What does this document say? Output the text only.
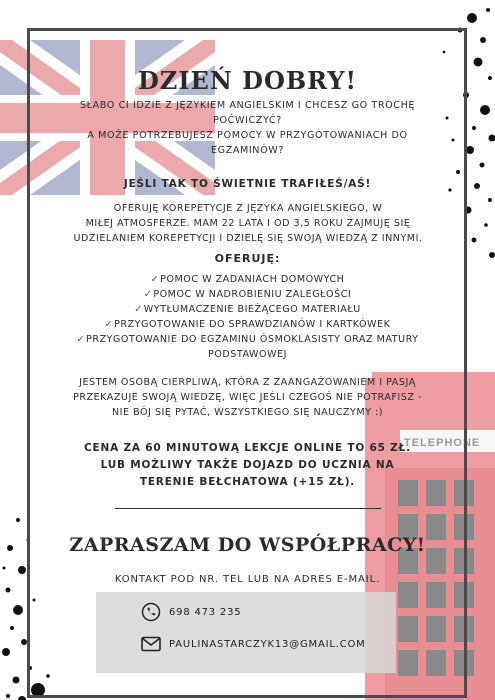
TELEPHONE
DZIEŃ DOBRY!
SŁABO CI IDZIE Z JĘZYKIEM ANGIELSKIM I CHCESZ GO TROCHĘ
POĆWICZYĆ?
A MOŻE POTRZEBUJESZ POMOCY W PRZYGOTOWANIACH DO
EGZAMINÓW?
JEŚLI TAK TO ŚWIETNIE TRAFIŁEŚ/AŚ!
OFERUJĘ KOREPETYCJE Z JĘZYKA ANGIELSKIEGO, W
MIŁEJ ATMOSFERZE. MAM 22 LATA I OD 3,5 ROKU ZAJMUJĘ SIĘ
UDZIELANIEM KOREPETYCJI I DZIELĘ SIĘ SWOJĄ WIEDZĄ Z INNYMI.
OFERUJĘ:
✓POMOC W ZADANIACH DOMOWYCH
✓POMOC W NADROBIENIU ZALEGŁOŚCI
✓WYTŁUMACZENIE BIEŻĄCEGO MATERIAŁU
✓PRZYGOTOWANIE DO SPRAWDZIANÓW I KARTKÓWEK
✓PRZYGOTOWANIE DO EGZAMINU ÓSMOKLASISTY ORAZ MATURY
PODSTAWOWEJ
JESTEM OSOBĄ CIERPLIWĄ, KTÓRA Z ZAANGAŻOWANIEM I PASJĄ
PRZEKAZUJE SWOJĄ WIEDZĘ, WIĘC JEŚLI CZEGOŚ NIE POTRAFISZ -
NIE BÓJ SIĘ PYTAĆ, WSZYSTKIEGO SIĘ NAUCZYMY :)
CENA ZA 60 MINUTOWĄ LEKCJE ONLINE TO 65 ZŁ.
LUB MOŻLIWY TAKŻE DOJAZD DO UCZNIA NA
TERENIE BEŁCHATOWA (+15 ZŁ).
ZAPRASZAM DO WSPÓŁPRACY!
KONTAKT POD NR. TEL LUB NA ADRES E-MAIL.
698 473 235
PAULINASTARCZYK13@GMAIL.COM
